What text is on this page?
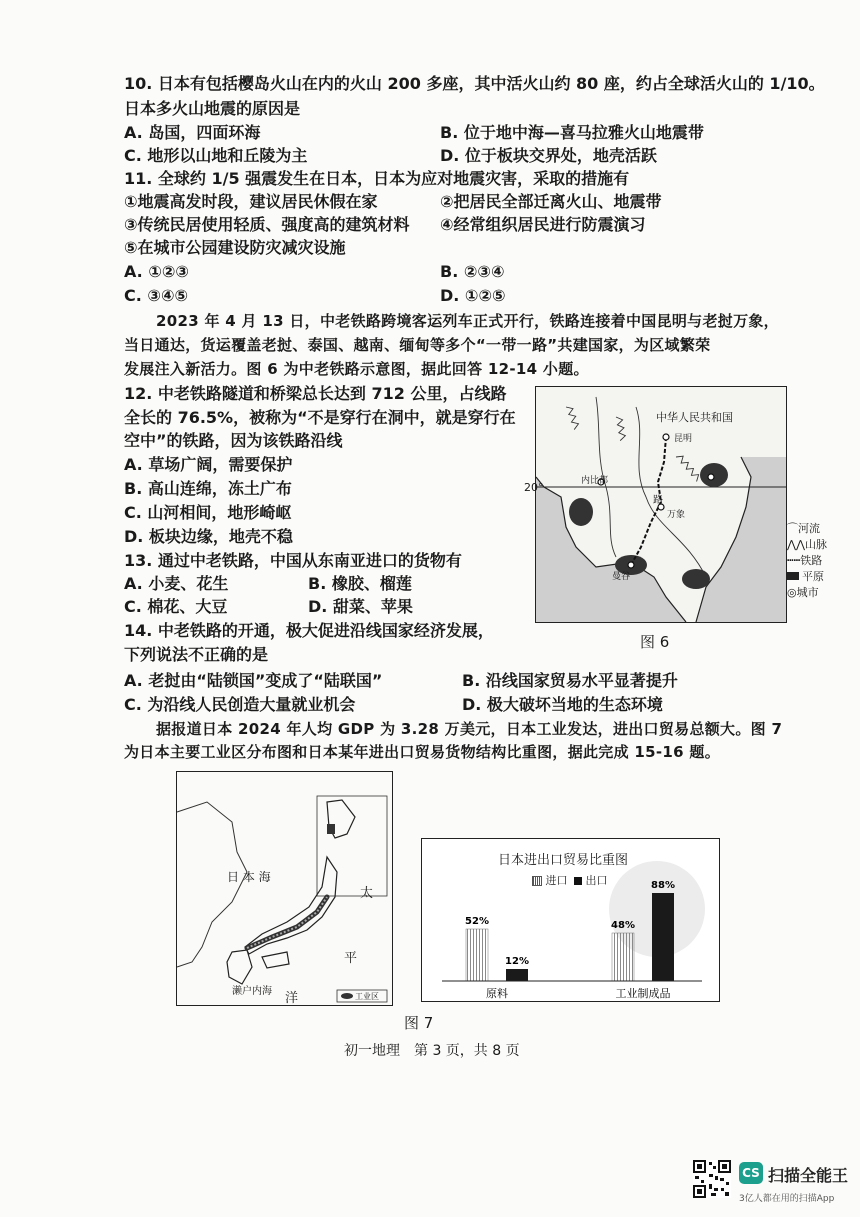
10. 日本有包括樱岛火山在内的火山 200 多座，其中活火山约 80 座，约占全球活火山的 1/10。
日本多火山地震的原因是
A. 岛国，四面环海	B. 位于地中海—喜马拉雅火山地震带
C. 地形以山地和丘陵为主	D. 位于板块交界处，地壳活跃
11. 全球约 1/5 强震发生在日本，日本为应对地震灾害，采取的措施有
①地震高发时段，建议居民休假在家	②把居民全部迁离火山、地震带
③传统民居使用轻质、强度高的建筑材料 ④经常组织居民进行防震演习
⑤在城市公园建设防灾减灾设施
A. ①②③	B. ②③④
C. ③④⑤	D. ①②⑤
2023 年 4 月 13 日，中老铁路跨境客运列车正式开行，铁路连接着中国昆明与老挝万象，
当日通达，货运覆盖老挝、泰国、越南、缅甸等多个“一带一路”共建国家，为区域繁荣
发展注入新活力。图 6 为中老铁路示意图，据此回答 12-14 小题。
12. 中老铁路隧道和桥梁总长达到 712 公里，占线路
全长的 76.5%，被称为“不是穿行在洞中，就是穿行在
空中”的铁路，因为该铁路沿线
A. 草场广阔，需要保护
B. 高山连绵，冻土广布
C. 山河相间，地形崎岖
D. 板块边缘，地壳不稳
13. 通过中老铁路，中国从东南亚进口的货物有
A. 小麦、花生	B. 橡胶、榴莲
C. 棉花、大豆	D. 甜菜、苹果
14. 中老铁路的开通，极大促进沿线国家经济发展，
下列说法不正确的是
A. 老挝由“陆锁国”变成了“陆联国”	B. 沿线国家贸易水平显著提升
C. 为沿线人民创造大量就业机会	D. 极大破坏当地的生态环境
据报道日本 2024 年人均 GDP 为 3.28 万美元，日本工业发达，进出口贸易总额大。图 7
为日本主要工业区分布图和日本某年进出口贸易货物结构比重图，据此完成 15-16 题。
中华人民共和国
昆明
20°	内比都
万象
曼谷
路
⌒河流
⋀⋀山脉
┅┅铁路
平原
◎城市
图 6
日 本 海
太
平
洋
濑户内海	工业区
日本进出口贸易比重图
进口 出口
52%
12%
原料
48%
88%
工业制成品
图 7
初一地理　第 3 页，共 8 页
CS 扫描全能王
3亿人都在用的扫描App
